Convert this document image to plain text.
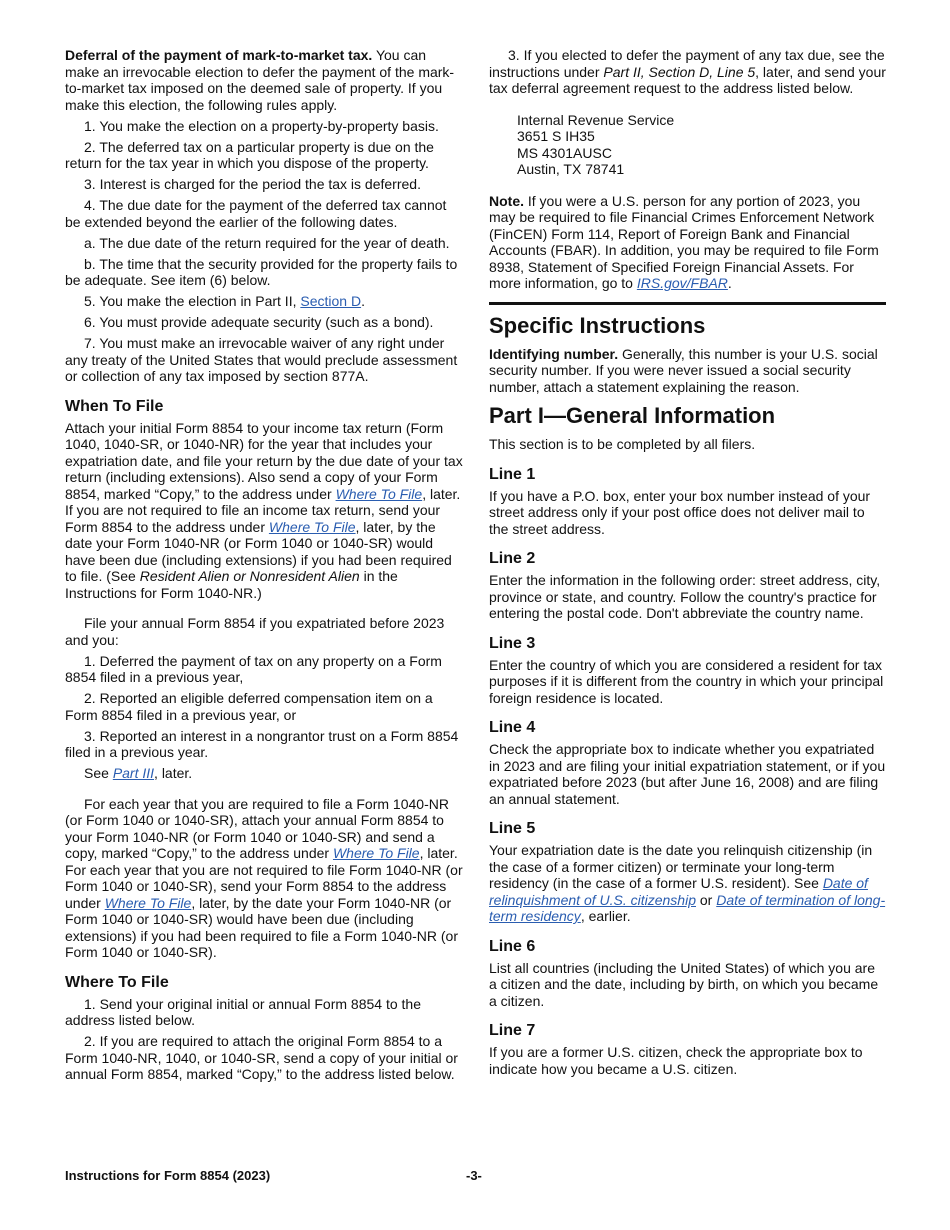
Deferral of the payment of mark-to-market tax. You can make an irrevocable election to defer the payment of the mark-to-market tax imposed on the deemed sale of property. If you make this election, the following rules apply.

1. You make the election on a property-by-property basis.

2. The deferred tax on a particular property is due on the return for the tax year in which you dispose of the property.

3. Interest is charged for the period the tax is deferred.

4. The due date for the payment of the deferred tax cannot be extended beyond the earlier of the following dates.

a. The due date of the return required for the year of death.

b. The time that the security provided for the property fails to be adequate. See item (6) below.

5. You make the election in Part II, Section D.

6. You must provide adequate security (such as a bond).

7. You must make an irrevocable waiver of any right under any treaty of the United States that would preclude assessment or collection of any tax imposed by section 877A.

When To File

Attach your initial Form 8854 to your income tax return (Form 1040, 1040-SR, or 1040-NR) for the year that includes your expatriation date, and file your return by the due date of your tax return (including extensions). Also send a copy of your Form 8854, marked “Copy,” to the address under Where To File, later. If you are not required to file an income tax return, send your Form 8854 to the address under Where To File, later, by the date your Form 1040-NR (or Form 1040 or 1040-SR) would have been due (including extensions) if you had been required to file. (See Resident Alien or Nonresident Alien in the Instructions for Form 1040-NR.)

File your annual Form 8854 if you expatriated before 2023 and you:

1. Deferred the payment of tax on any property on a Form 8854 filed in a previous year,

2. Reported an eligible deferred compensation item on a Form 8854 filed in a previous year, or

3. Reported an interest in a nongrantor trust on a Form 8854 filed in a previous year.

See Part III, later.

For each year that you are required to file a Form 1040-NR (or Form 1040 or 1040-SR), attach your annual Form 8854 to your Form 1040-NR (or Form 1040 or 1040-SR) and send a copy, marked “Copy,” to the address under Where To File, later. For each year that you are not required to file Form 1040-NR (or Form 1040 or 1040-SR), send your Form 8854 to the address under Where To File, later, by the date your Form 1040-NR (or Form 1040 or 1040-SR) would have been due (including extensions) if you had been required to file a Form 1040-NR (or Form 1040 or 1040-SR).

Where To File

1. Send your original initial or annual Form 8854 to the address listed below.

2. If you are required to attach the original Form 8854 to a Form 1040-NR, 1040, or 1040-SR, send a copy of your initial or annual Form 8854, marked “Copy,” to the address listed below.

3. If you elected to defer the payment of any tax due, see the instructions under Part II, Section D, Line 5, later, and send your tax deferral agreement request to the address listed below.

Internal Revenue Service
3651 S IH35
MS 4301AUSC
Austin, TX 78741

Note. If you were a U.S. person for any portion of 2023, you may be required to file Financial Crimes Enforcement Network (FinCEN) Form 114, Report of Foreign Bank and Financial Accounts (FBAR). In addition, you may be required to file Form 8938, Statement of Specified Foreign Financial Assets. For more information, go to IRS.gov/FBAR.

Specific Instructions

Identifying number. Generally, this number is your U.S. social security number. If you were never issued a social security number, attach a statement explaining the reason.

Part I—General Information

This section is to be completed by all filers.

Line 1

If you have a P.O. box, enter your box number instead of your street address only if your post office does not deliver mail to the street address.

Line 2

Enter the information in the following order: street address, city, province or state, and country. Follow the country's practice for entering the postal code. Don't abbreviate the country name.

Line 3

Enter the country of which you are considered a resident for tax purposes if it is different from the country in which your principal foreign residence is located.

Line 4

Check the appropriate box to indicate whether you expatriated in 2023 and are filing your initial expatriation statement, or if you expatriated before 2023 (but after June 16, 2008) and are filing an annual statement.

Line 5

Your expatriation date is the date you relinquish citizenship (in the case of a former citizen) or terminate your long-term residency (in the case of a former U.S. resident). See Date of relinquishment of U.S. citizenship or Date of termination of long-term residency, earlier.

Line 6

List all countries (including the United States) of which you are a citizen and the date, including by birth, on which you became a citizen.

Line 7

If you are a former U.S. citizen, check the appropriate box to indicate how you became a U.S. citizen.

Instructions for Form 8854 (2023)	-3-
